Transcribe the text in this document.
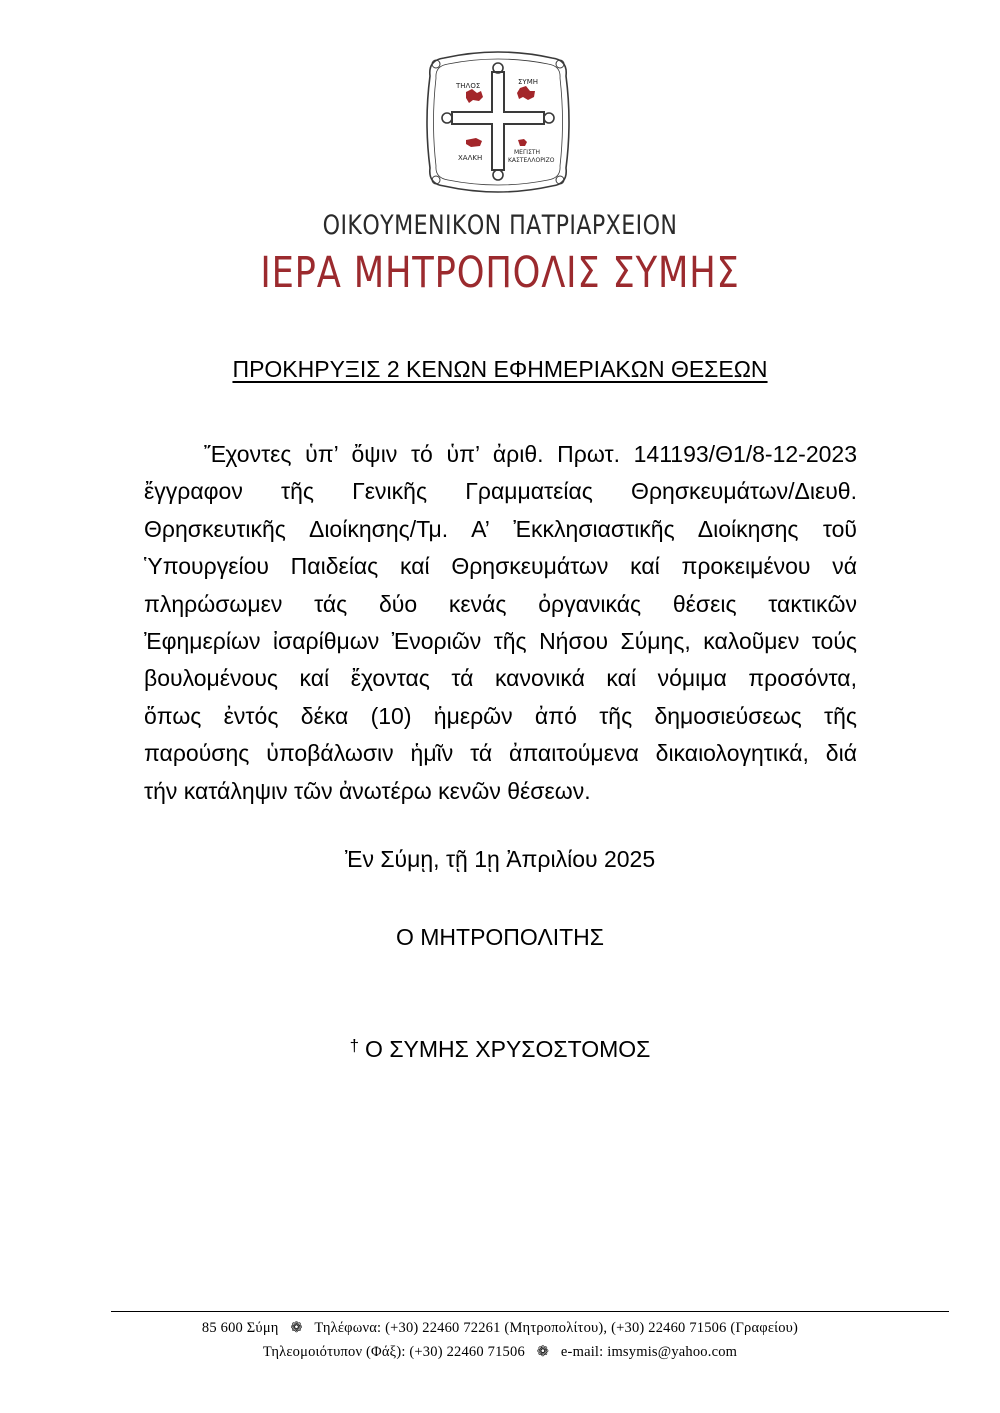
ΤΗΛΟΣ	ΣΥΜΗ
ΧΑΛΚΗ
ΜΕΓΙΣΤΗ
ΚΑΣΤΕΛΛΟΡΙΖΟ
ΟΙΚΟΥΜΕΝΙΚΟΝ ΠΑΤΡΙΑΡΧΕΙΟΝ
ΙΕΡΑ ΜΗΤΡΟΠΟΛΙΣ ΣΥΜΗΣ
ΠΡΟΚΗΡΥΞΙΣ 2 ΚΕΝΩΝ ΕΦΗΜΕΡΙΑΚΩΝ ΘΕΣΕΩΝ

Ἔχοντες ὑπ’ ὄψιν τό ὑπ’ ἀριθ. Πρωτ. 141193/Θ1/8-12-2023

ἔγγραφον τῆς Γενικῆς Γραμματείας Θρησκευμάτων/Διευθ.

Θρησκευτικῆς Διοίκησης/Τμ. Α’ Ἐκκλησιαστικῆς Διοίκησης τοῦ

Ὑπουργείου Παιδείας καί Θρησκευμάτων καί προκειμένου νά

πληρώσωμεν τάς δύο κενάς ὀργανικάς θέσεις τακτικῶν

Ἐφημερίων ἰσαρίθμων Ἐνοριῶν τῆς Νήσου Σύμης, καλοῦμεν τούς

βουλομένους καί ἔχοντας τά κανονικά καί νόμιμα προσόντα,

ὅπως ἐντός δέκα (10) ἡμερῶν ἀπό τῆς δημοσιεύσεως τῆς

παρούσης ὑποβάλωσιν ἡμῖν τά ἀπαιτούμενα δικαιολογητικά, διά

τήν κατάληψιν τῶν ἀνωτέρω κενῶν θέσεων.

Ἐν Σύμῃ, τῇ 1ῃ Ἀπριλίου 2025
Ο ΜΗΤΡΟΠΟΛΙΤΗΣ
† Ο ΣΥΜΗΣ ΧΡΥΣΟΣΤΟΜΟΣ
85 600 Σύμη ❁ Τηλέφωνα: (+30) 22460 72261 (Μητροπολίτου), (+30) 22460 71506 (Γραφείου)
Τηλεομοιότυπον (Φάξ): (+30) 22460 71506 ❁ e-mail: imsymis@yahoo.com
